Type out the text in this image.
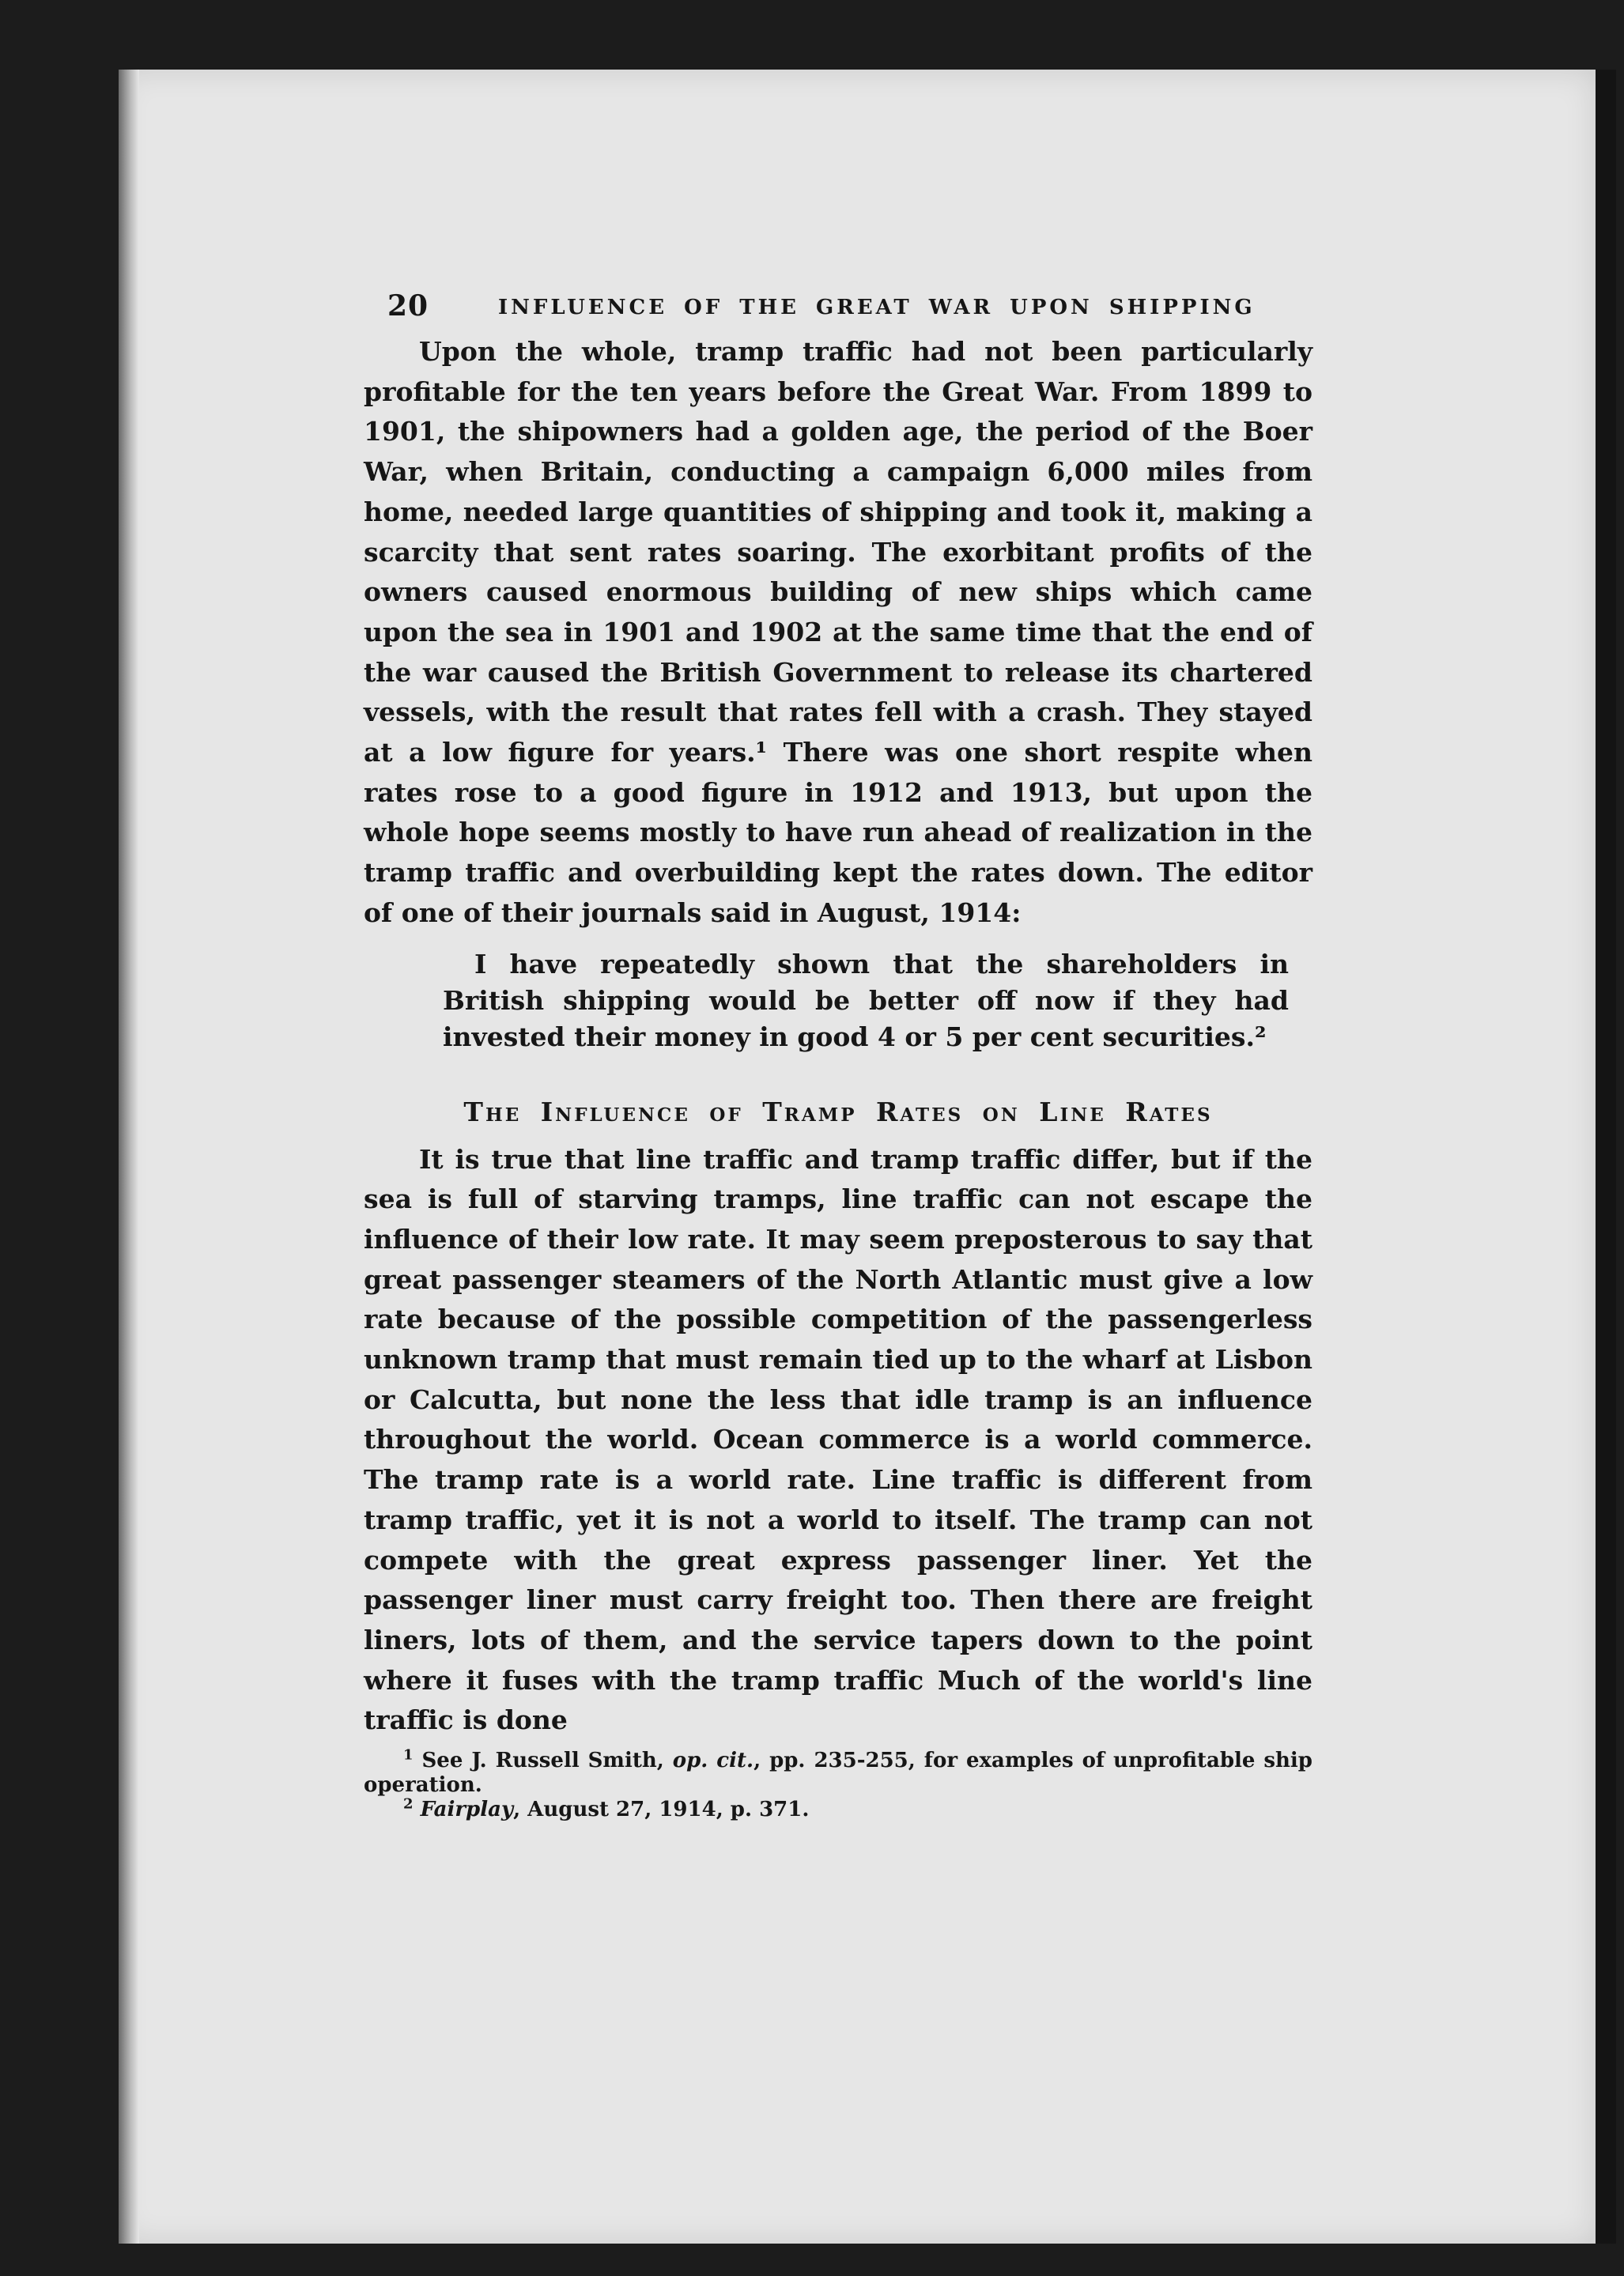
20	INFLUENCE OF THE GREAT WAR UPON SHIPPING

Upon the whole, tramp traffic had not been particularly profitable for the ten years before the Great War. From 1899 to 1901, the shipowners had a golden age, the period of the Boer War, when Britain, conducting a campaign 6,000 miles from home, needed large quantities of shipping and took it, making a scarcity that sent rates soaring. The exorbitant profits of the owners caused enormous building of new ships which came upon the sea in 1901 and 1902 at the same time that the end of the war caused the British Government to release its chartered vessels, with the result that rates fell with a crash. They stayed at a low figure for years.¹ There was one short respite when rates rose to a good figure in 1912 and 1913, but upon the whole hope seems mostly to have run ahead of realization in the tramp traffic and overbuilding kept the rates down. The editor of one of their journals said in August, 1914:

I have repeatedly shown that the shareholders in British shipping would be better off now if they had invested their money in good 4 or 5 per cent securities.²

The Influence of Tramp Rates on Line Rates

It is true that line traffic and tramp traffic differ, but if the sea is full of starving tramps, line traffic can not escape the influence of their low rate. It may seem preposterous to say that great passenger steamers of the North Atlantic must give a low rate because of the possible competition of the passengerless unknown tramp that must remain tied up to the wharf at Lisbon or Calcutta, but none the less that idle tramp is an influence throughout the world. Ocean commerce is a world commerce. The tramp rate is a world rate. Line traffic is different from tramp traffic, yet it is not a world to itself. The tramp can not compete with the great express passenger liner. Yet the passenger liner must carry freight too. Then there are freight liners, lots of them, and the service tapers down to the point where it fuses with the tramp traffic Much of the world's line traffic is done

$^1$ See J. Russell Smith, op. cit., pp. 235-255, for examples of unprofitable ship operation.

$^2$ Fairplay, August 27, 1914, p. 371.
